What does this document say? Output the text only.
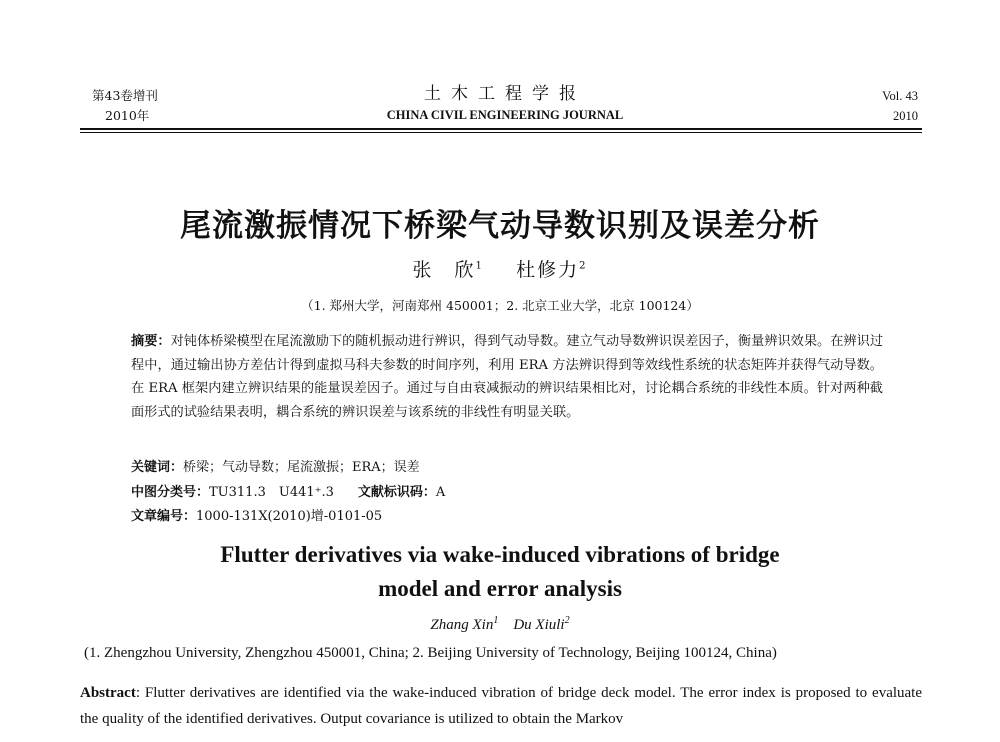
第43卷增刊
2010年
土木工程学报
CHINA CIVIL ENGINEERING JOURNAL
Vol. 43
2010
尾流激振情况下桥梁气动导数识别及误差分析
张　欣$^1$ 杜修力$^2$
（1. 郑州大学，河南郑州 450001；2. 北京工业大学，北京 100124）
摘要：对钝体桥梁模型在尾流激励下的随机振动进行辨识，得到气动导数。建立气动导数辨识误差因子，衡量辨识效果。在辨识过程中，通过输出协方差估计得到虚拟马科夫参数的时间序列，利用 ERA 方法辨识得到等效线性系统的状态矩阵并获得气动导数。在 ERA 框架内建立辨识结果的能量误差因子。通过与自由衰减振动的辨识结果相比对，讨论耦合系统的非线性本质。针对两种截面形式的试验结果表明，耦合系统的辨识误差与该系统的非线性有明显关联。
关键词：桥梁；气动导数；尾流激振；ERA；误差
中图分类号：TU311.3　U441⁺.3 文献标识码：A
文章编号：1000-131X(2010)增-0101-05
Flutter derivatives via wake-induced vibrations of bridge
model and error analysis
Zhang Xin$^1$ Du Xiuli$^2$
(1. Zhengzhou University, Zhengzhou 450001, China; 2. Beijing University of Technology, Beijing 100124, China)
Abstract: Flutter derivatives are identified via the wake-induced vibration of bridge deck model. The error index is proposed to evaluate the quality of the identified derivatives. Output covariance is utilized to obtain the Markov
